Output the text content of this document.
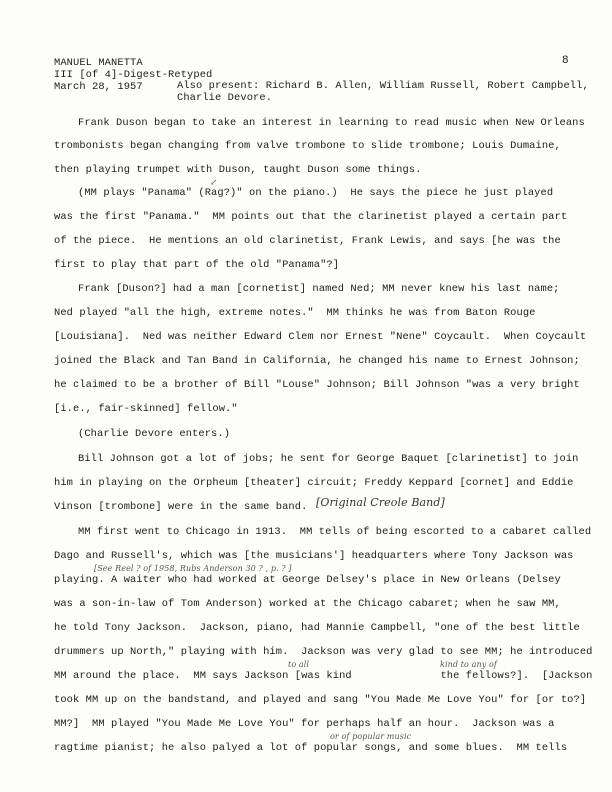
MANUEL MANETTA
III [of 4]-Digest-Retyped
March 28, 1957	Also present: Richard B. Allen, William Russell, Robert Campbell,
Charlie Devore.
8
Frank Duson began to take an interest in learning to read music when New Orleans
trombonists began changing from valve trombone to slide trombone; Louis Dumaine,
then playing trumpet with Duson, taught Duson some things.
(MM plays "Panama" (Rag?)" on the piano.)  He says the piece he just played
was the first "Panama."  MM points out that the clarinetist played a certain part
of the piece.  He mentions an old clarinetist, Frank Lewis, and says [he was the
first to play that part of the old "Panama"?]
Frank [Duson?] had a man [cornetist] named Ned; MM never knew his last name;
Ned played "all the high, extreme notes."  MM thinks he was from Baton Rouge
[Louisiana].  Ned was neither Edward Clem nor Ernest "Nene" Coycault.  When Coycault
joined the Black and Tan Band in California, he changed his name to Ernest Johnson;
he claimed to be a brother of Bill "Louse" Johnson; Bill Johnson "was a very bright
[i.e., fair-skinned] fellow."
(Charlie Devore enters.)
Bill Johnson got a lot of jobs; he sent for George Baquet [clarinetist] to join
him in playing on the Orpheum [theater] circuit; Freddy Keppard [cornet] and Eddie
Vinson [trombone] were in the same band.
MM first went to Chicago in 1913.  MM tells of being escorted to a cabaret called
Dago and Russell's, which was [the musicians'] headquarters where Tony Jackson was
playing. A waiter who had worked at George Delsey's place in New Orleans (Delsey
was a son-in-law of Tom Anderson) worked at the Chicago cabaret; when he saw MM,
he told Tony Jackson.  Jackson, piano, had Mannie Campbell, "one of the best little
drummers up North," playing with him.  Jackson was very glad to see MM; he introduced
MM around the place.  MM says Jackson [was kind              the fellows?].  [Jackson
took MM up on the bandstand, and played and sang "You Made Me Love You" for [or to?]
MM?]  MM played "You Made Me Love You" for perhaps half an hour.  Jackson was a
ragtime pianist; he also palyed a lot of popular songs, and some blues.  MM tells
↙
[Original Creole Band]
[See Reel ? of 1958, Rubs Anderson 30 ? , p. ? ]
to all	kind to any of
or of popular music
